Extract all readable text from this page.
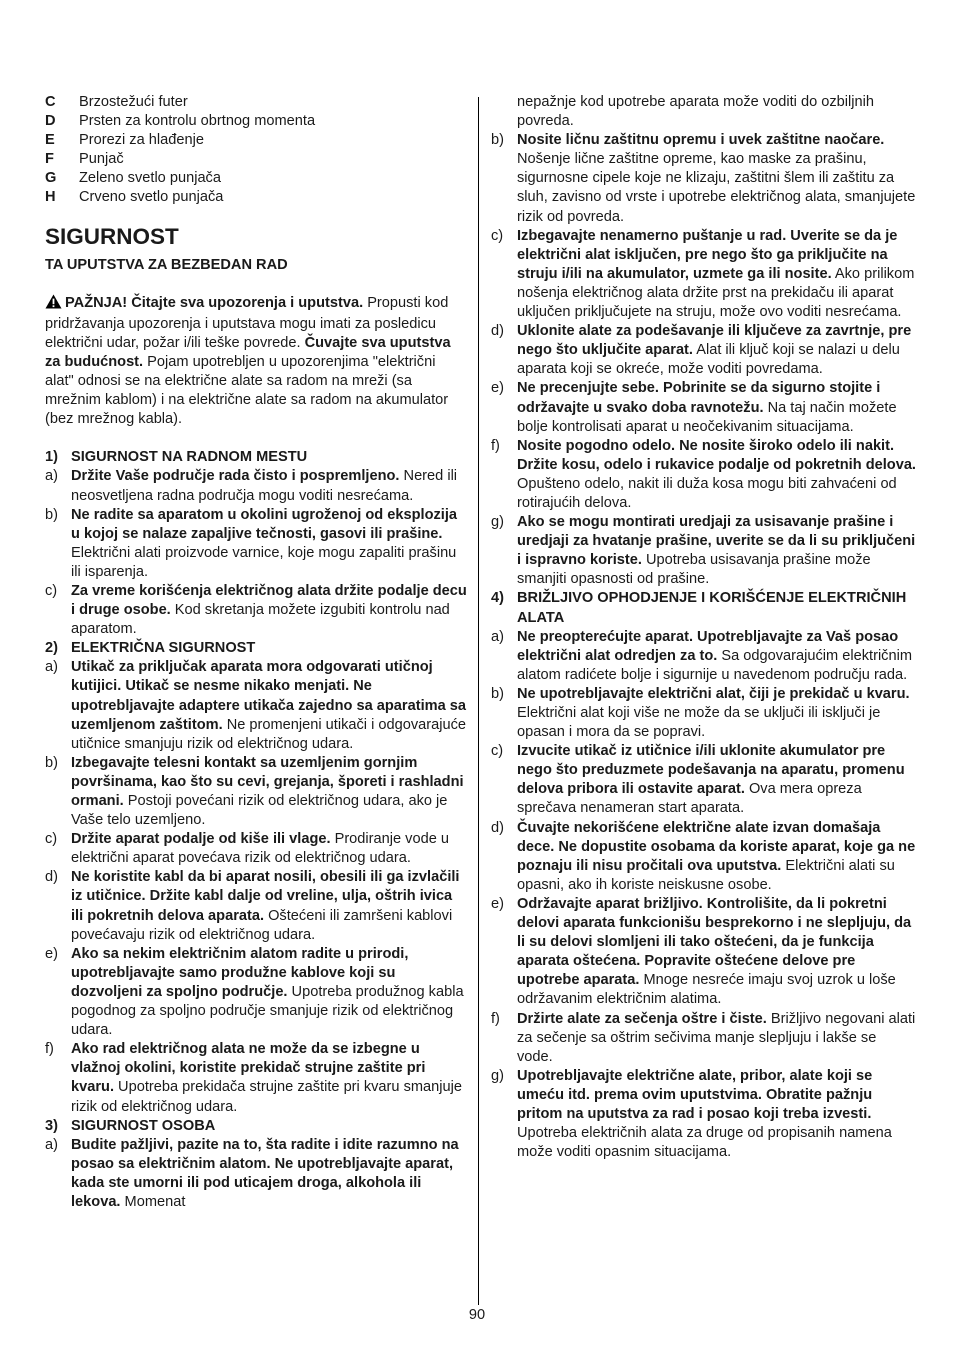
C	Brzostežući futer
D	Prsten za kontrolu obrtnog momenta
E	Prorezi za hlađenje
F	Punjač
G	Zeleno svetlo punjača
H	Crveno svetlo punjača
SIGURNOST
TA UPUTSTVA ZA BEZBEDAN RAD
PAŽNJA! Čitajte sva upozorenja i uputstva. Propusti kod pridržavanja upozorenja i uputstava mogu imati za posledicu električni udar, požar i/ili teške povrede. Čuvajte sva uputstva za budućnost. Pojam upotrebljen u upozorenjima "električni alat" odnosi se na električne alate sa radom na mreži (sa mrežnim kablom) i na električne alate sa radom na akumulator (bez mrežnog kabla).
1) SIGURNOST NA RADNOM MESTU
a) Držite Vaše područje rada čisto i pospremljeno. Nered ili neosvetljena radna područja mogu voditi nesrećama.
b) Ne radite sa aparatom u okolini ugroženoj od eksplozija u kojoj se nalaze zapaljive tečnosti, gasovi ili prašine. Električni alati proizvode varnice, koje mogu zapaliti prašinu ili isparenja.
c) Za vreme korišćenja električnog alata držite podalje decu i druge osobe. Kod skretanja možete izgubiti kontrolu nad aparatom.
2) ELEKTRIČNA SIGURNOST
a) Utikač za priključak aparata mora odgovarati utičnoj kutijici. Utikač se nesme nikako menjati. Ne upotrebljavajte adaptere utikača zajedno sa aparatima sa uzemljenom zaštitom. Ne promenjeni utikači i odgovarajuće utičnice smanjuju rizik od električnog udara.
b) Izbegavajte telesni kontakt sa uzemljenim gornjim površinama, kao što su cevi, grejanja, šporeti i rashladni ormani. Postoji povećani rizik od električnog udara, ako je Vaše telo uzemljeno.
c) Držite aparat podalje od kiše ili vlage. Prodiranje vode u električni aparat povećava rizik od električnog udara.
d) Ne koristite kabl da bi aparat nosili, obesili ili ga izvlačili iz utičnice. Držite kabl dalje od vreline, ulja, oštrih ivica ili pokretnih delova aparata. Oštećeni ili zamršeni kablovi povećavaju rizik od električnog udara.
e) Ako sa nekim električnim alatom radite u prirodi, upotrebljavajte samo produžne kablove koji su dozvoljeni za spoljno područje. Upotreba produžnog kabla pogodnog za spoljno područje smanjuje rizik od električnog udara.
f)	Ako rad električnog alata ne može da se izbegne u vlažnoj okolini, koristite prekidač strujne zaštite pri kvaru. Upotreba prekidača strujne zaštite pri kvaru smanjuje rizik od električnog udara.
3) SIGURNOST OSOBA
a) Budite pažljivi, pazite na to, šta radite i idite razumno na posao sa električnim alatom. Ne upotrebljavajte aparat, kada ste umorni ili pod uticajem droga, alkohola ili lekova. Momenat
nepažnje kod upotrebe aparata može voditi do ozbiljnih povreda.
b) Nosite ličnu zaštitnu opremu i uvek zaštitne naočare. Nošenje lične zaštitne opreme, kao maske za prašinu, sigurnosne cipele koje ne klizaju, zaštitni šlem ili zaštitu za sluh, zavisno od vrste i upotrebe električnog alata, smanjujete rizik od povreda.
c) Izbegavajte nenamerno puštanje u rad. Uverite se da je električni alat isključen, pre nego što ga priključite na struju i/ili na akumulator, uzmete ga ili nosite. Ako prilikom nošenja električnog alata držite prst na prekidaču ili aparat uključen priključujete na struju, može ovo voditi nesrećama.
d) Uklonite alate za podešavanje ili ključeve za zavrtnje, pre nego što uključite aparat. Alat ili ključ koji se nalazi u delu aparata koji se okreće, može voditi povredama.
e) Ne precenjujte sebe. Pobrinite se da sigurno stojite i održavajte u svako doba ravnotežu. Na taj način možete bolje kontrolisati aparat u neočekivanim situacijama.
f)	Nosite pogodno odelo. Ne nosite široko odelo ili nakit. Držite kosu, odelo i rukavice podalje od pokretnih delova. Opušteno odelo, nakit ili duža kosa mogu biti zahvaćeni od rotirajućih delova.
g) Ako se mogu montirati uredjaji za usisavanje prašine i uredjaji za hvatanje prašine, uverite se da li su priključeni i ispravno koriste. Upotreba usisavanja prašine može smanjiti opasnosti od prašine.
4) BRIŽLJIVO OPHODJENJE I KORIŠĆENJE ELEKTRIČNIH ALATA
a) Ne preopterećujte aparat. Upotrebljavajte za Vaš posao električni alat odredjen za to. Sa odgovarajućim električnim alatom radićete bolje i sigurnije u navedenom području rada.
b) Ne upotrebljavajte električni alat, čiji je prekidač u kvaru. Električni alat koji više ne može da se uključi ili isključi je opasan i mora da se popravi.
c) Izvucite utikač iz utičnice i/ili uklonite akumulator pre nego što preduzmete podešavanja na aparatu, promenu delova pribora ili ostavite aparat. Ova mera opreza sprečava nenameran start aparata.
d) Čuvajte nekorišćene električne alate izvan domašaja dece. Ne dopustite osobama da koriste aparat, koje ga ne poznaju ili nisu pročitali ova uputstva. Električni alati su opasni, ako ih koriste neiskusne osobe.
e) Održavajte aparat brižljivo. Kontrolišite, da li pokretni delovi aparata funkcionišu besprekorno i ne slepljuju, da li su delovi slomljeni ili tako oštećeni, da je funkcija aparata oštećena. Popravite oštećene delove pre upotrebe aparata. Mnoge nesreće imaju svoj uzrok u loše održavanim električnim alatima.
f)	Držirte alate za sečenja oštre i čiste. Brižljivo negovani alati za sečenje sa oštrim sečivima manje slepljuju i lakše se vode.
g) Upotrebljavajte električne alate, pribor, alate koji se umeću itd. prema ovim uputstvima. Obratite pažnju pritom na uputstva za rad i posao koji treba izvesti. Upotreba električnih alata za druge od propisanih namena može voditi opasnim situacijama.
90
